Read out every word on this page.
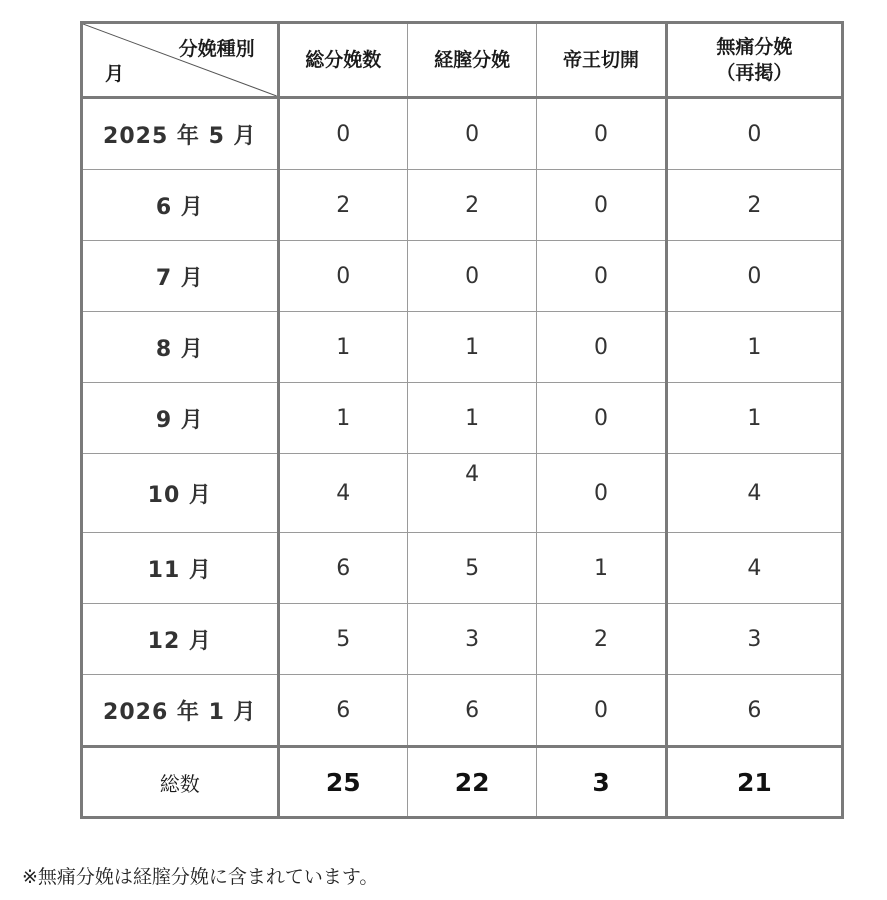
分娩種別
月	総分娩数	経膣分娩	帝王切開	無痛分娩
（再掲）

2025 年 5 月	0	0	0	0
6 月	2	2	0	2
7 月	0	0	0	0
8 月	1	1	0	1
9 月	1	1	0	1
10 月	4	4	0	4
11 月	6	5	1	4
12 月	5	3	2	3
2026 年 1 月	6	6	0	6
総数	25	22	3	21
※無痛分娩は経膣分娩に含まれています。
